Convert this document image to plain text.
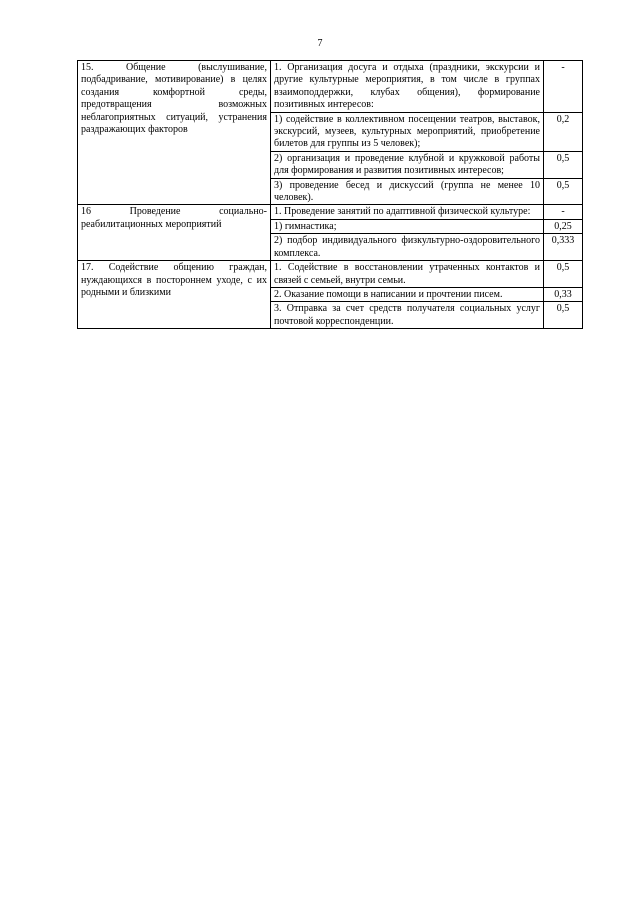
7
15. Общение (выслушивание, подбадривание, мотивирование) в целях создания комфортной среды, предотвращения возможных неблагоприятных ситуаций, устранения раздражающих факторов	1. Организация досуга и отдыха (праздники, экскурсии и другие культурные мероприятия, в том числе в группах взаимоподдержки, клубах общения), формирование позитивных интересов:	-
	1) содействие в коллективном посещении театров, выставок, экскурсий, музеев, культурных мероприятий, приобретение билетов для группы из 5 человек);	0,2
	2) организация и проведение клубной и кружковой работы для формирования и развития позитивных интересов;	0,5
	3) проведение бесед и дискуссий (группа не менее 10 человек).	0,5
16 Проведение социально-реабилитационных мероприятий	1. Проведение занятий по адаптивной физической культуре:	-
	1) гимнастика;	0,25
	2) подбор индивидуального физкультурно-оздоровительного комплекса.	0,333
17. Содействие общению граждан, нуждающихся в постороннем уходе, с их родными и близкими	1. Содействие в восстановлении утраченных контактов и связей с семьей, внутри семьи.	0,5
	2. Оказание помощи в написании и прочтении писем.	0,33
	3. Отправка за счет средств получателя социальных услуг почтовой корреспонденции.	0,5
